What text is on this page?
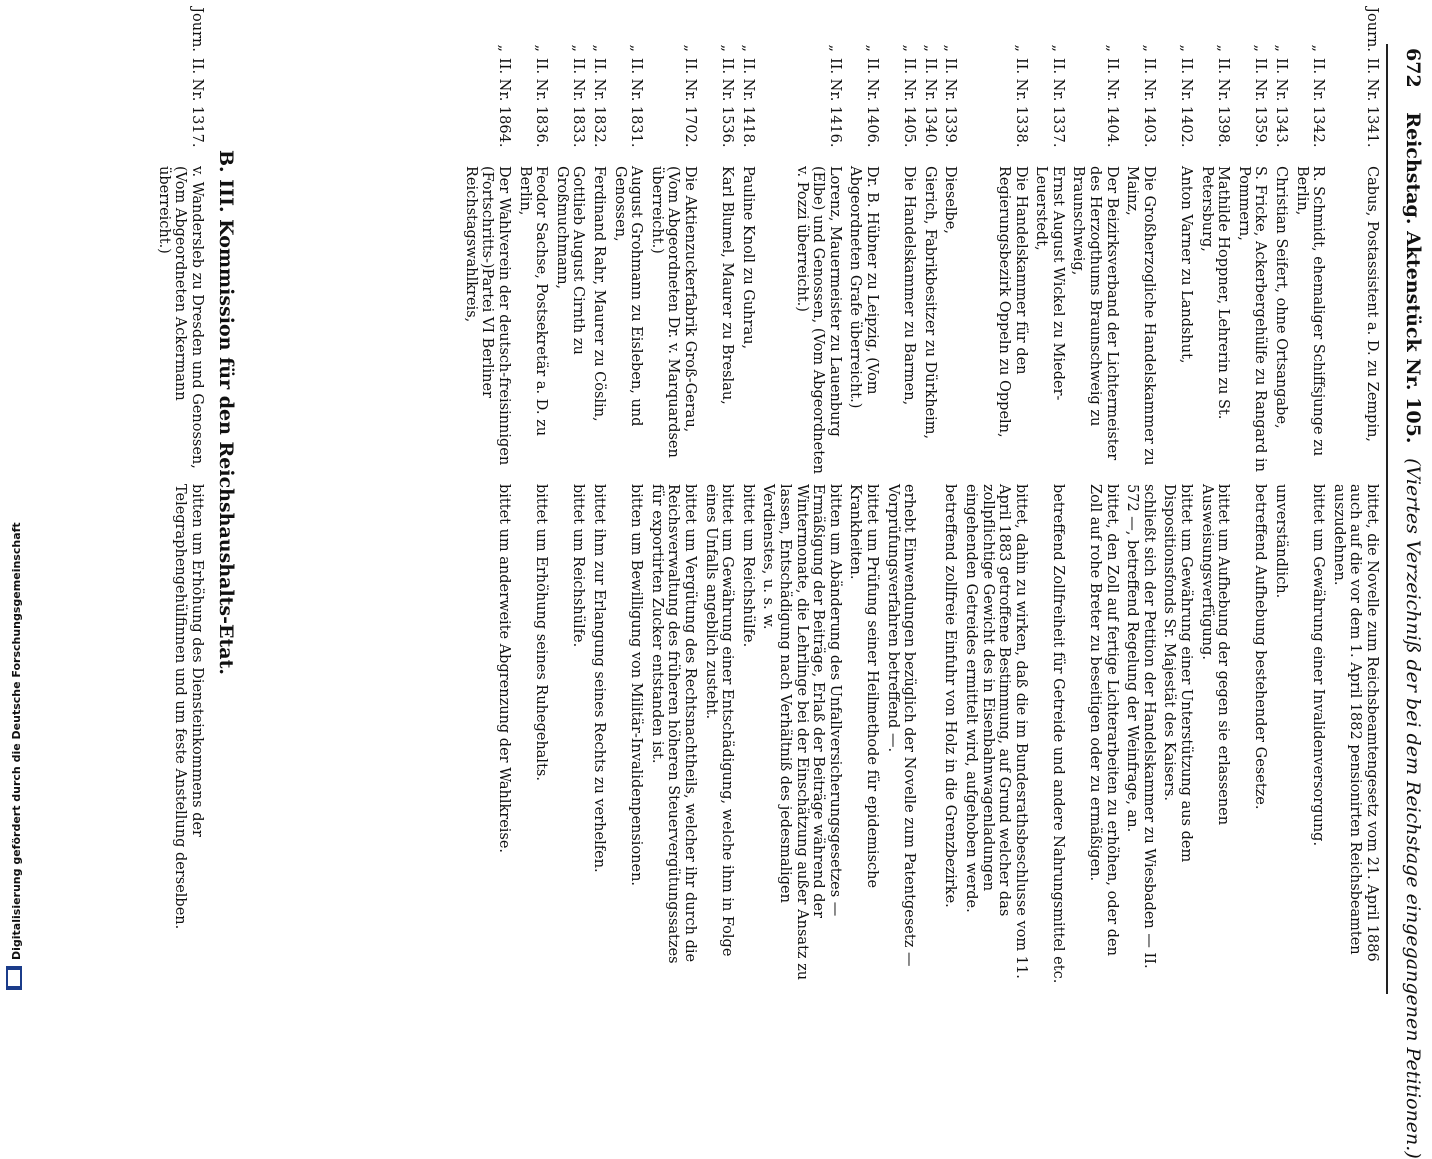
672 Reichstag. Aktenstück Nr. 105. (Viertes Verzeichniß der bei dem Reichstage eingegangenen Petitionen.)
Journ.
II. Nr. 1341.
Cabus, Postassistent a. D. zu Zempin,
bittet, die Novelle zum Reichsbeamtengesetz vom 21. April 1886 auch auf die vor dem 1. April 1882 pensionirten Reichsbeamten auszudehnen.
„
II. Nr. 1342.
R. Schmidt, ehemaliger Schiffsjunge zu Berlin,
bittet um Gewährung einer Invalidenversorgung.
„
II. Nr. 1343.
Christian Seifert, ohne Ortsangabe,
unverständlich.
„
II. Nr. 1359.
S. Fricke, Ackerbergehülfe zu Rangard in Pommern,
betreffend Aufhebung bestehender Gesetze.
„
II. Nr. 1398.
Mathilde Hoppner, Lehrerin zu St. Petersburg,
bittet um Aufhebung der gegen sie erlassenen Ausweisungsverfügung.
„
II. Nr. 1402.
Anton Varner zu Landshut,
bittet um Gewährung einer Unterstützung aus dem Dispositionsfonds Sr. Majestät des Kaisers.
„
II. Nr. 1403.
Die Großherzogliche Handelskammer zu Mainz,
schließt sich der Petition der Handelskammer zu Wiesbaden — II. 572 —, betreffend Regelung der Weinfrage, an.
„
II. Nr. 1404.
Der Beizirksverband der Lichtermeister des Herzogthums Braunschweig zu Braunschweig,
bittet, den Zoll auf fertige Lichterarbeiten zu erhöhen, oder den Zoll auf rohe Breter zu beseitigen oder zu ermäßigen.
„
II. Nr. 1337.
Ernst August Wickel zu Mieder-Leuerstedt,
betreffend Zollfreiheit für Getreide und andere Nahrungsmittel etc.
„
II. Nr. 1338.
Die Handelskammer für den Regierungsbezirk Oppeln zu Oppeln,
bittet, dahin zu wirken, daß die im Bundesrathsbeschlusse vom 11. April 1883 getroffene Bestimmung, auf Grund welcher das zollpflichtige Gewicht des in Eisenbahnwagenladungen eingehenden Getreides ermittelt wird, aufgehoben werde.
„
II. Nr. 1339.
Dieselbe,
betreffend zollfreie Einfuhr von Holz in die Grenzbezirke.
„
II. Nr. 1340.
Gierich, Fabrikbesitzer zu Dürkheim,
„
II. Nr. 1405.
Die Handelskammer zu Barmen,
erhebt Einwendungen bezüglich der Novelle zum Patentgesetz — Vorprüfungsverfahren betreffend —.
„
II. Nr. 1406.
Dr. B. Hübner zu Leipzig, (Vom Abgeordneten Grafe überreicht.)
bittet um Prüfung seiner Heilmethode für epidemische Krankheiten.
„
II. Nr. 1416.
Lorenz, Mauermeister zu Lauenburg (Elbe) und Genossen, (Vom Abgeordneten v. Pozzi überreicht.)
bitten um Abänderung des Unfallversicherungsgesetzes — Ermäßigung der Beiträge, Erlaß der Beiträge während der Wintermonate, die Lehrlinge bei der Einschätzung außer Ansatz zu lassen, Entschädigung nach Verhältniß des jedesmaligen Verdienstes, u. s. w.
„
II. Nr. 1418.
Pauline Knoll zu Guhrau,
bittet um Reichshülfe.
„
II. Nr. 1536.
Karl Blumel, Maurer zu Breslau,
bittet um Gewährung einer Entschädigung, welche ihm in Folge eines Unfalls angeblich zusteht.
„
II. Nr. 1702.
Die Aktienzuckerfabrik Groß-Gerau, (Vom Abgeordneten Dr. v. Marquardsen überreicht.)
bittet um Vergütung des Rechtsnachtheils, welcher ihr durch die Reichsverwaltung des früheren höheren Steuervergütungssatzes für exportirten Zucker entstanden ist.
„
II. Nr. 1831.
August Grohmann zu Eisleben, und Genossen,
bitten um Bewilligung von Militär-Invalidenpensionen.
„
II. Nr. 1832.
Ferdinand Rahr, Maurer zu Cöslin,
bittet ihm zur Erlangung seines Rechts zu verhelfen.
„
II. Nr. 1833.
Gottlieb August Cirnth zu Großmuchmann,
bittet um Reichshülfe.
„
II. Nr. 1836.
Feodor Sachse, Postsekretär a. D. zu Berlin,
bittet um Erhöhung seines Ruhegehalts.
„
II. Nr. 1864.
Der Wahlverein der deutsch-freisinnigen (Fortschritts-)Partei VI Berliner Reichstagswahlkreis,
bittet um anderweite Abgrenzung der Wahlkreise.
B. III. Kommission für den Reichshaushalts-Etat.
Journ.
II. Nr. 1317.
v. Wandersleb zu Dresden und Genossen, (Vom Abgeordneten Ackermann überreicht.)
bitten um Erhöhung des Diensteinkommens der Telegraphengehülfinnen und um feste Anstellung derselben.
Digitalisierung gefördert durch die Deutsche Forschungsgemeinschaft
